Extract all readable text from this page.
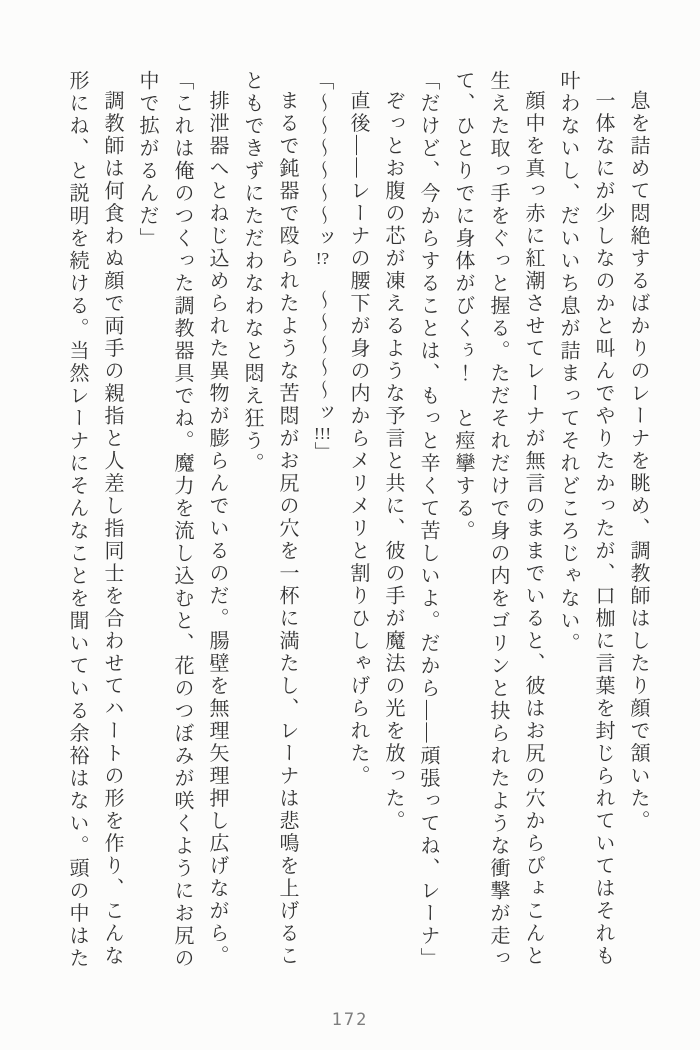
息を詰めて悶絶するばかりのレーナを眺め、調教師はしたり顔で頷いた。

一体なにが少しなのかと叫んでやりたかったが、口枷に言葉を封じられていてはそれも叶わないし、だいいち息が詰まってそれどころじゃない。

顔中を真っ赤に紅潮させてレーナが無言のままでいると、彼はお尻の穴からぴょこんと生えた取っ手をぐっと握る。ただそれだけで身の内をゴリンと抉られたような衝撃が走って、ひとりでに身体がびくぅ！　と痙攣する。

「だけど、今からすることは、もっと辛くて苦しいよ。だから――頑張ってね、レーナ」

ぞっとお腹の芯が凍えるような予言と共に、彼の手が魔法の光を放った。

直後――レーナの腰下が身の内からメリメリと割りひしゃげられた。

「〜〜〜〜〜〜ッ!?　〜〜〜〜〜ッ!!!」

まるで鈍器で殴られたような苦悶がお尻の穴を一杯に満たし、レーナは悲鳴を上げることもできずにただわなわなと悶え狂う。

排泄器へとねじ込められた異物が膨らんでいるのだ。腸壁を無理矢理押し広げながら。

「これは俺のつくった調教器具でね。魔力を流し込むと、花のつぼみが咲くようにお尻の中で拡がるんだ」

調教師は何食わぬ顔で両手の親指と人差し指同士を合わせてハートの形を作り、こんな形にね、と説明を続ける。当然レーナにそんなことを聞いている余裕はない。頭の中はた

172
